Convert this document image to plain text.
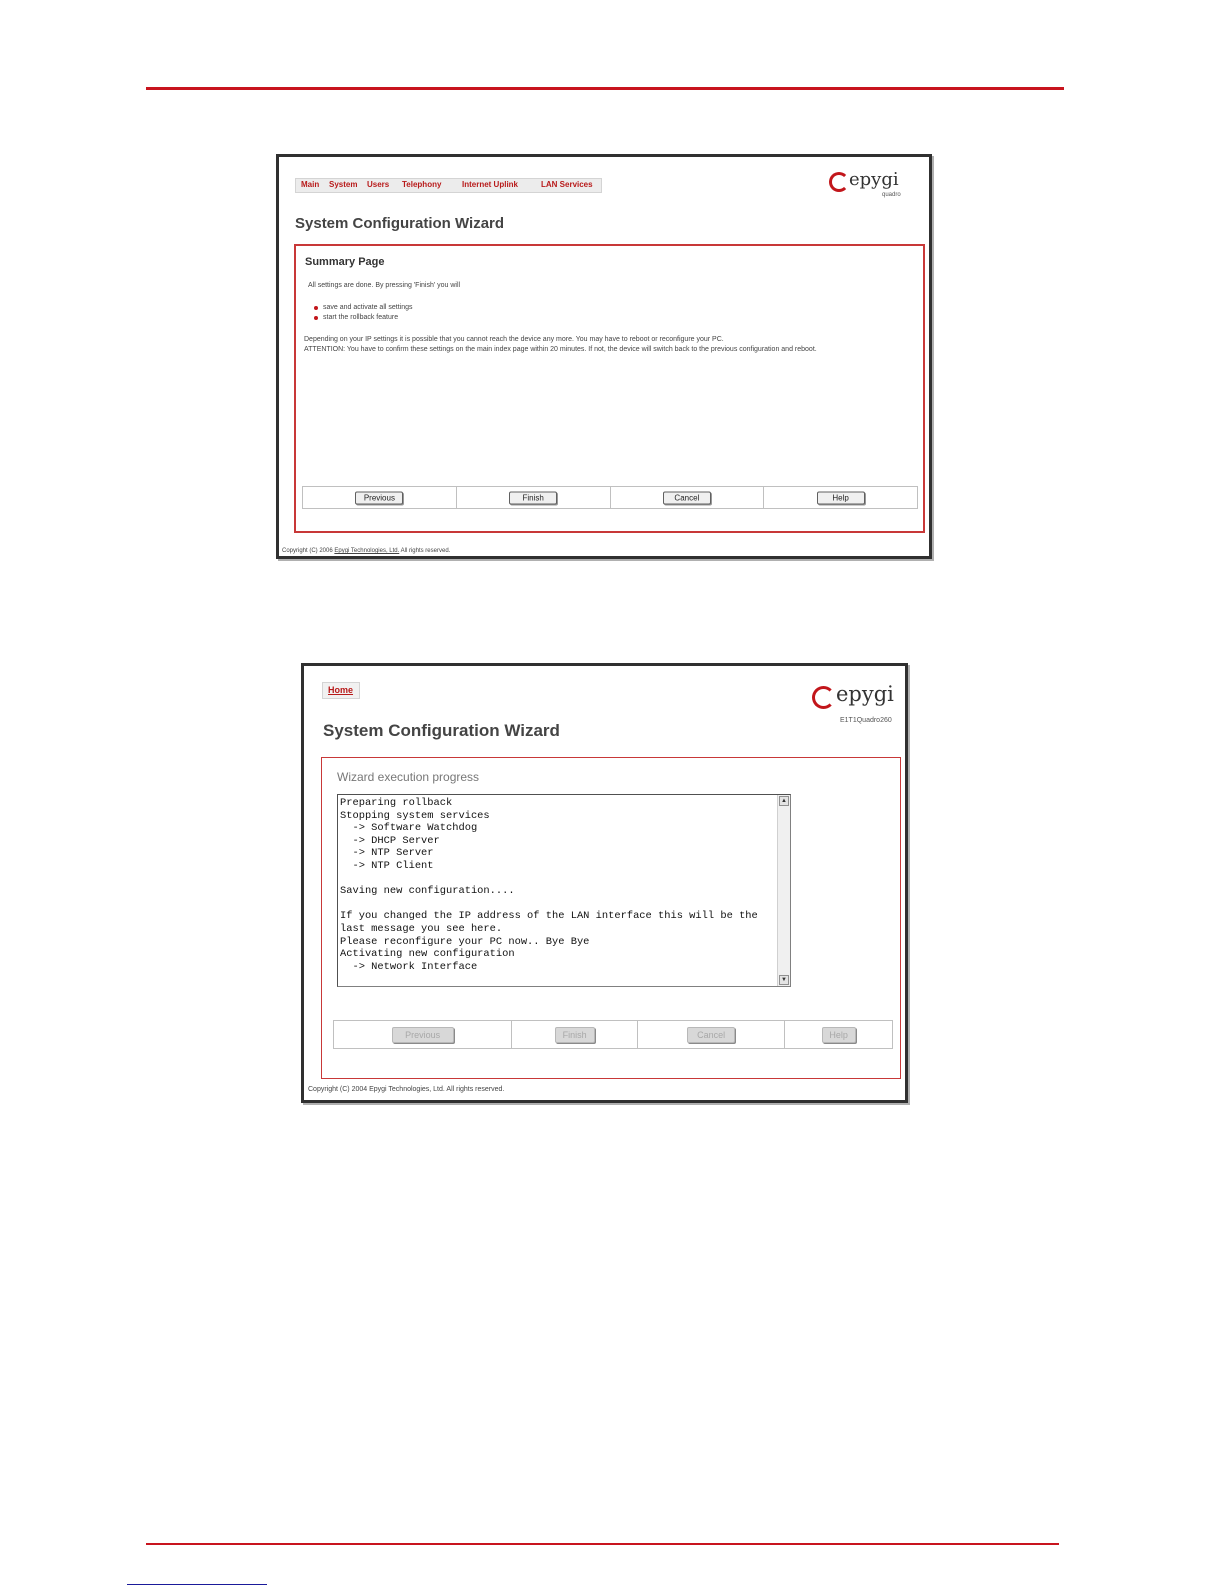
Main System Users Telephony	Internet Uplink	LAN Services	epygi
quadro
System Configuration Wizard
Summary Page
All settings are done. By pressing 'Finish' you will
save and activate all settings
start the rollback feature
Depending on your IP settings it is possible that you cannot reach the device any more. You may have to reboot or reconfigure your PC.
ATTENTION: You have to confirm these settings on the main index page within 20 minutes. If not, the device will switch back to the previous configuration and reboot.
Previous	Finish	Cancel	Help
Copyright (C) 2006 Epygi Technologies, Ltd. All rights reserved.
Home	epygi
E1T1Quadro260
System Configuration Wizard
Wizard execution progress
Preparing rollback
Stopping system services
-> Software Watchdog
-> DHCP Server
-> NTP Server
-> NTP Client

Saving new configuration....

If you changed the IP address of the LAN interface this will be the
last message you see here.
Please reconfigure your PC now.. Bye Bye
Activating new configuration
-> Network Interface
▲
▼
Previous	Finish	Cancel	Help
Copyright (C) 2004 Epygi Technologies, Ltd. All rights reserved.
